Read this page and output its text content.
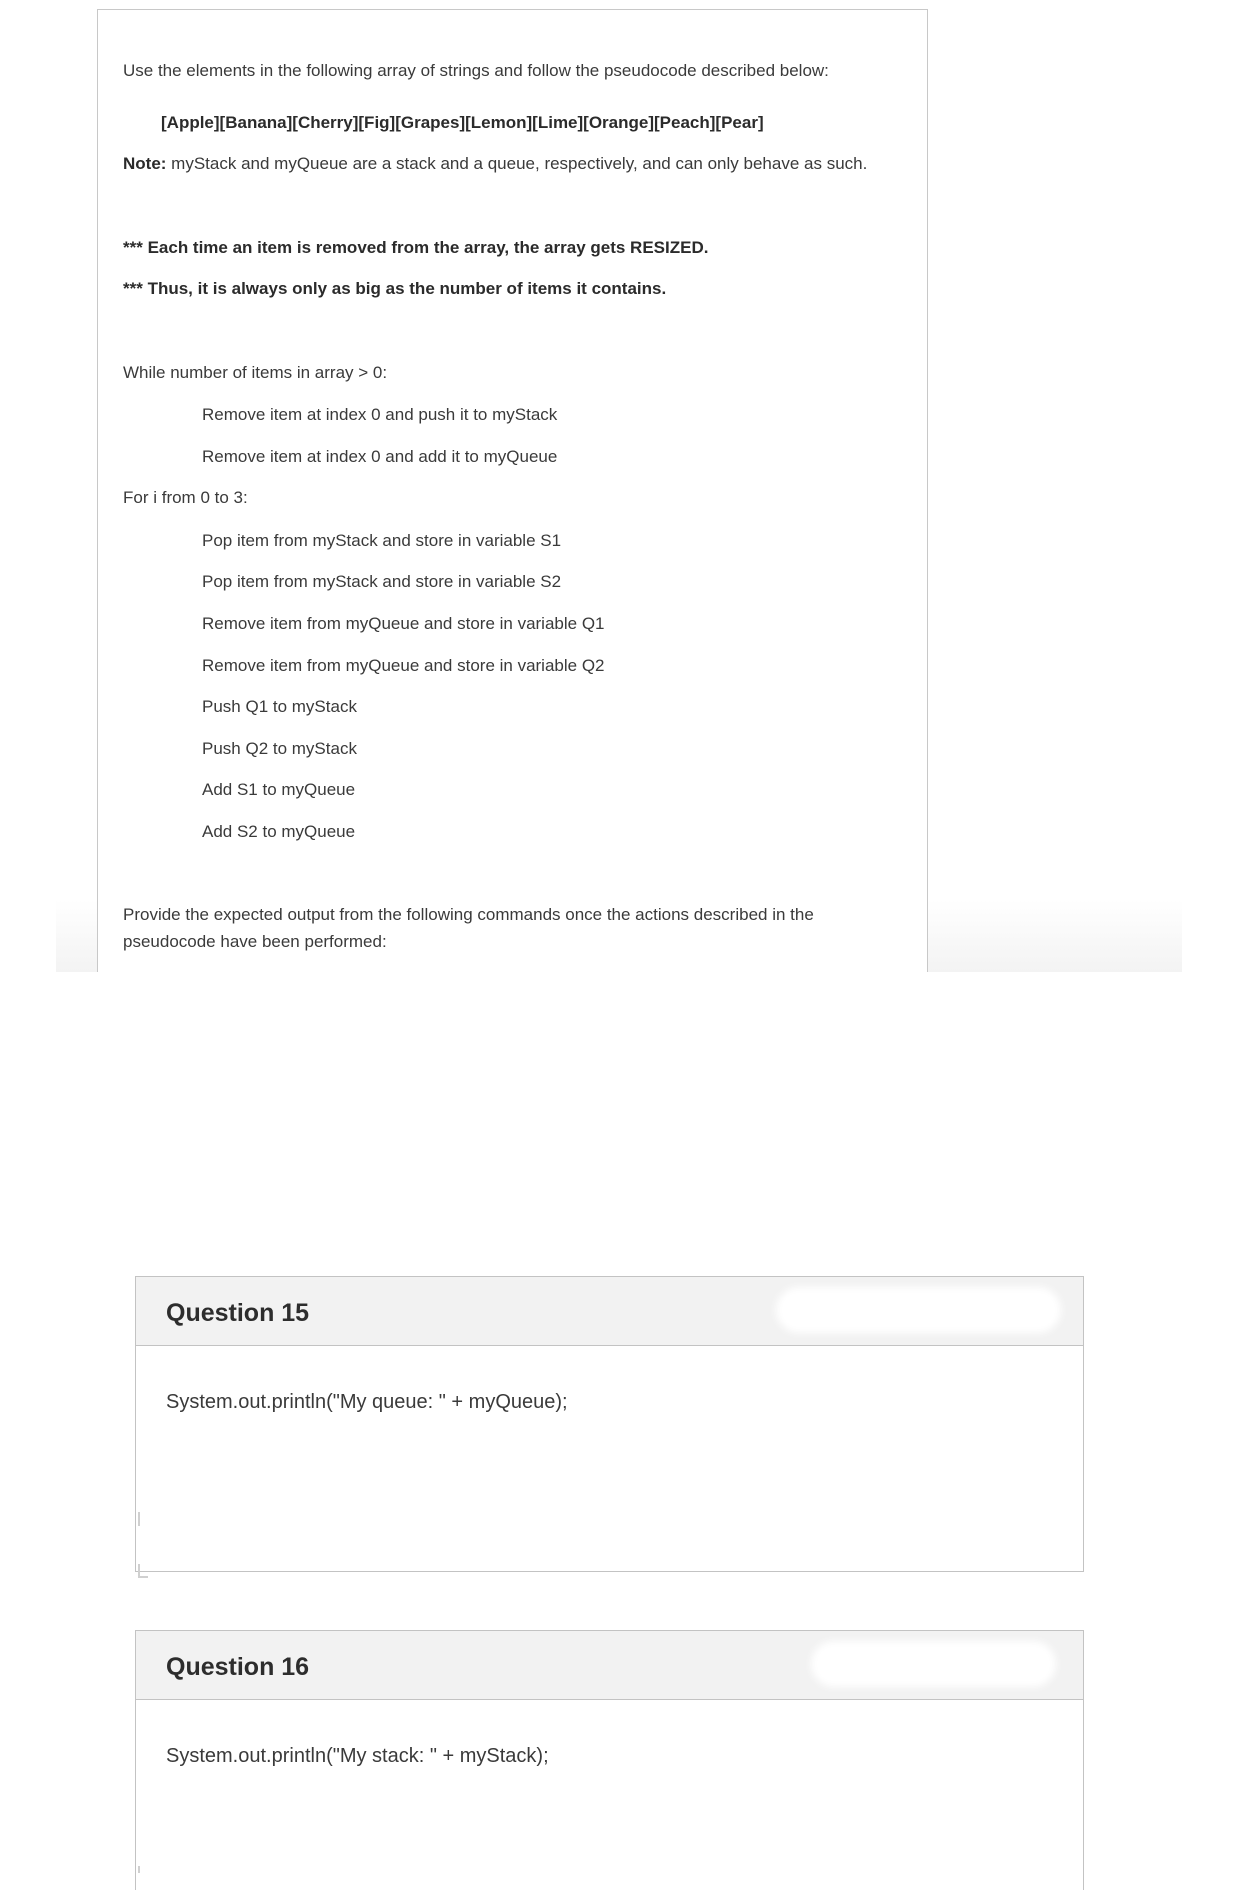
Use the elements in the following array of strings and follow the pseudocode described below:
[Apple][Banana][Cherry][Fig][Grapes][Lemon][Lime][Orange][Peach][Pear]
Note: myStack and myQueue are a stack and a queue, respectively, and can only behave as such.
*** Each time an item is removed from the array, the array gets RESIZED.
*** Thus, it is always only as big as the number of items it contains.
While number of items in array > 0:
Remove item at index 0 and push it to myStack
Remove item at index 0 and add it to myQueue
For i from 0 to 3:
Pop item from myStack and store in variable S1
Pop item from myStack and store in variable S2
Remove item from myQueue and store in variable Q1
Remove item from myQueue and store in variable Q2
Push Q1 to myStack
Push Q2 to myStack
Add S1 to myQueue
Add S2 to myQueue
Provide the expected output from the following commands once the actions described in the
pseudocode have been performed:
Question 15
System.out.println("My queue: " + myQueue);
Question 16
System.out.println("My stack: " + myStack);
